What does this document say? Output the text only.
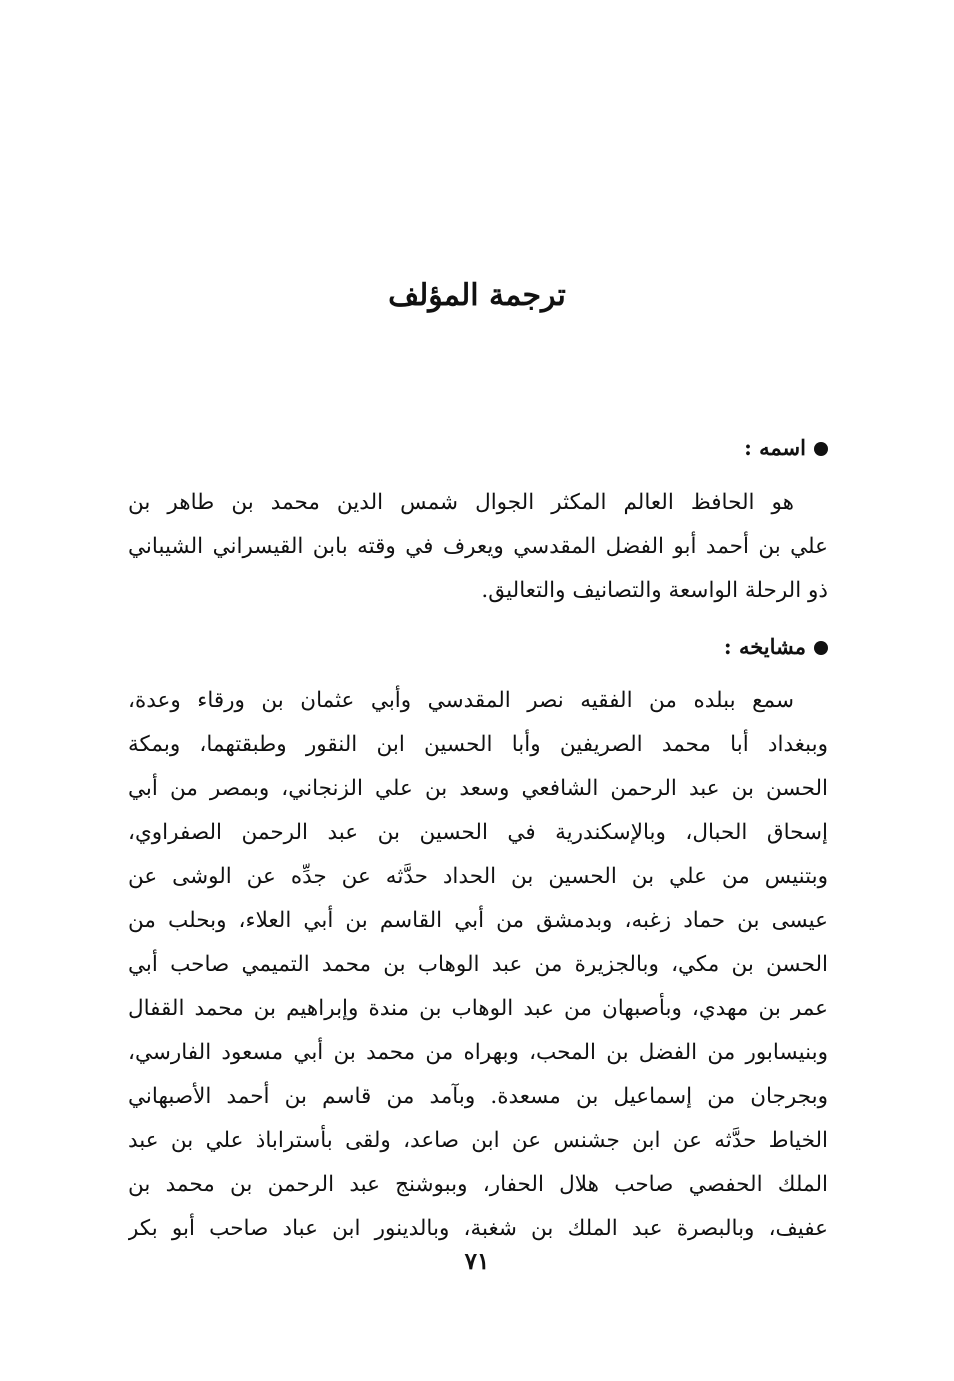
ترجمة المؤلف
اسمه :
هو الحافظ العالم المكثر الجوال شمس الدين محمد بن طاهر بن
علي بن أحمد أبو الفضل المقدسي ويعرف في وقته بابن القيسراني الشيباني
ذو الرحلة الواسعة والتصانيف والتعاليق.
مشايخه :
سمع ببلده من الفقيه نصر المقدسي وأبي عثمان بن ورقاء وعدة،
وببغداد أبا محمد الصريفين وأبا الحسين ابن النقور وطبقتهما، وبمكة
الحسن بن عبد الرحمن الشافعي وسعد بن علي الزنجاني، وبمصر من أبي
إسحاق الحبال، وبالإسكندرية في الحسين بن عبد الرحمن الصفراوي،
وبتنيس من علي بن الحسين بن الحداد حدَّثه عن جدِّه عن الوشى عن
عيسى بن حماد زغبه، وبدمشق من أبي القاسم بن أبي العلاء، وبحلب من
الحسن بن مكي، وبالجزيرة من عبد الوهاب بن محمد التميمي صاحب أبي
عمر بن مهدي، وبأصبهان من عبد الوهاب بن مندة وإبراهيم بن محمد القفال
وبنيسابور من الفضل بن المحب، وبهراه من محمد بن أبي مسعود الفارسي،
وبجرجان من إسماعيل بن مسعدة. وبآمد من قاسم بن أحمد الأصبهاني
الخياط حدَّثه عن ابن جشنس عن ابن صاعد، ولقى بأستراباذ علي بن عبد
الملك الحفصي صاحب هلال الحفار، وببوشنج عبد الرحمن بن محمد بن
عفيف، وبالبصرة عبد الملك بن شغبة، وبالدينور ابن عباد صاحب أبو بكر
٧١
